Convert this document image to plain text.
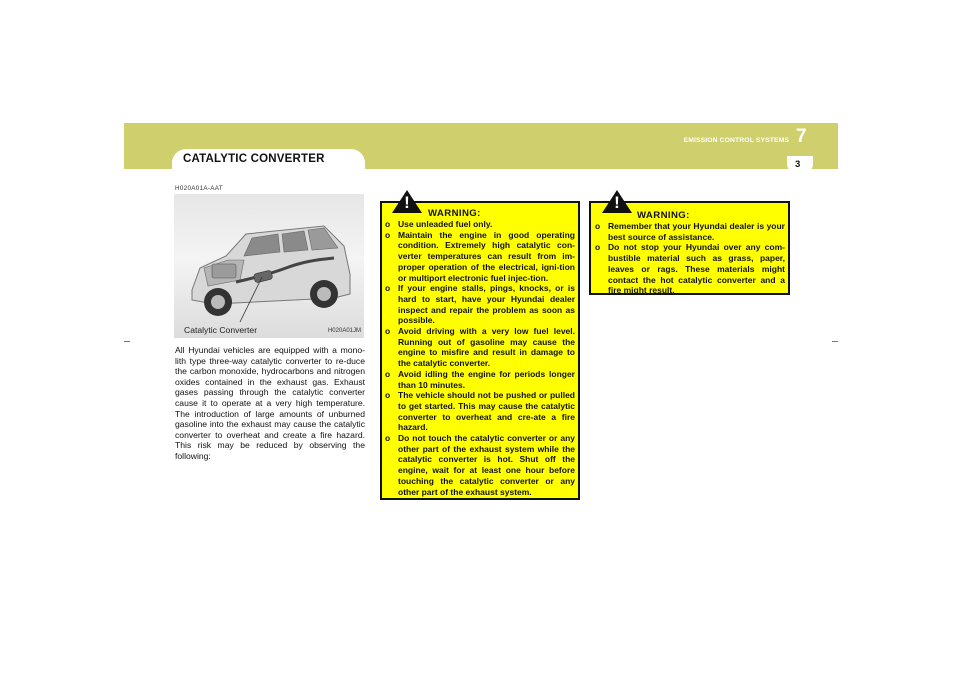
CATALYTIC CONVERTER
EMISSION CONTROL SYSTEMS 7
3
H020A01A-AAT
Catalytic Converter	H020A01JM

All Hyundai vehicles are equipped with a mono-lith type three-way catalytic converter to re-duce the carbon monoxide, hydrocarbons and nitrogen oxides contained in the exhaust gas. Exhaust gases passing through the catalytic converter cause it to operate at a very high temperature. The introduction of large amounts of unburned gasoline into the exhaust may cause the catalytic converter to overheat and create a fire hazard. This risk may be reduced by observing the following:

!
WARNING:
o Use unleaded fuel only.
o Maintain the engine in good operating condition. Extremely high catalytic con-verter temperatures can result from im-proper operation of the electrical, igni-tion or multiport electronic fuel injec-tion.
o If your engine stalls, pings, knocks, or is hard to start, have your Hyundai dealer inspect and repair the problem as soon as possible.
o Avoid driving with a very low fuel level. Running out of gasoline may cause the engine to misfire and result in damage to the catalytic converter.
o Avoid idling the engine for periods longer than 10 minutes.
o The vehicle should not be pushed or pulled to get started. This may cause the catalytic converter to overheat and cre-ate a fire hazard.
o Do not touch the catalytic converter or any other part of the exhaust system while the catalytic converter is hot. Shut off the engine, wait for at least one hour before touching the catalytic converter or any other part of the exhaust system.
!
WARNING:
o Remember that your Hyundai dealer is your best source of assistance.
o Do not stop your Hyundai over any com-bustible material such as grass, paper, leaves or rags. These materials might contact the hot catalytic converter and a fire might result.
